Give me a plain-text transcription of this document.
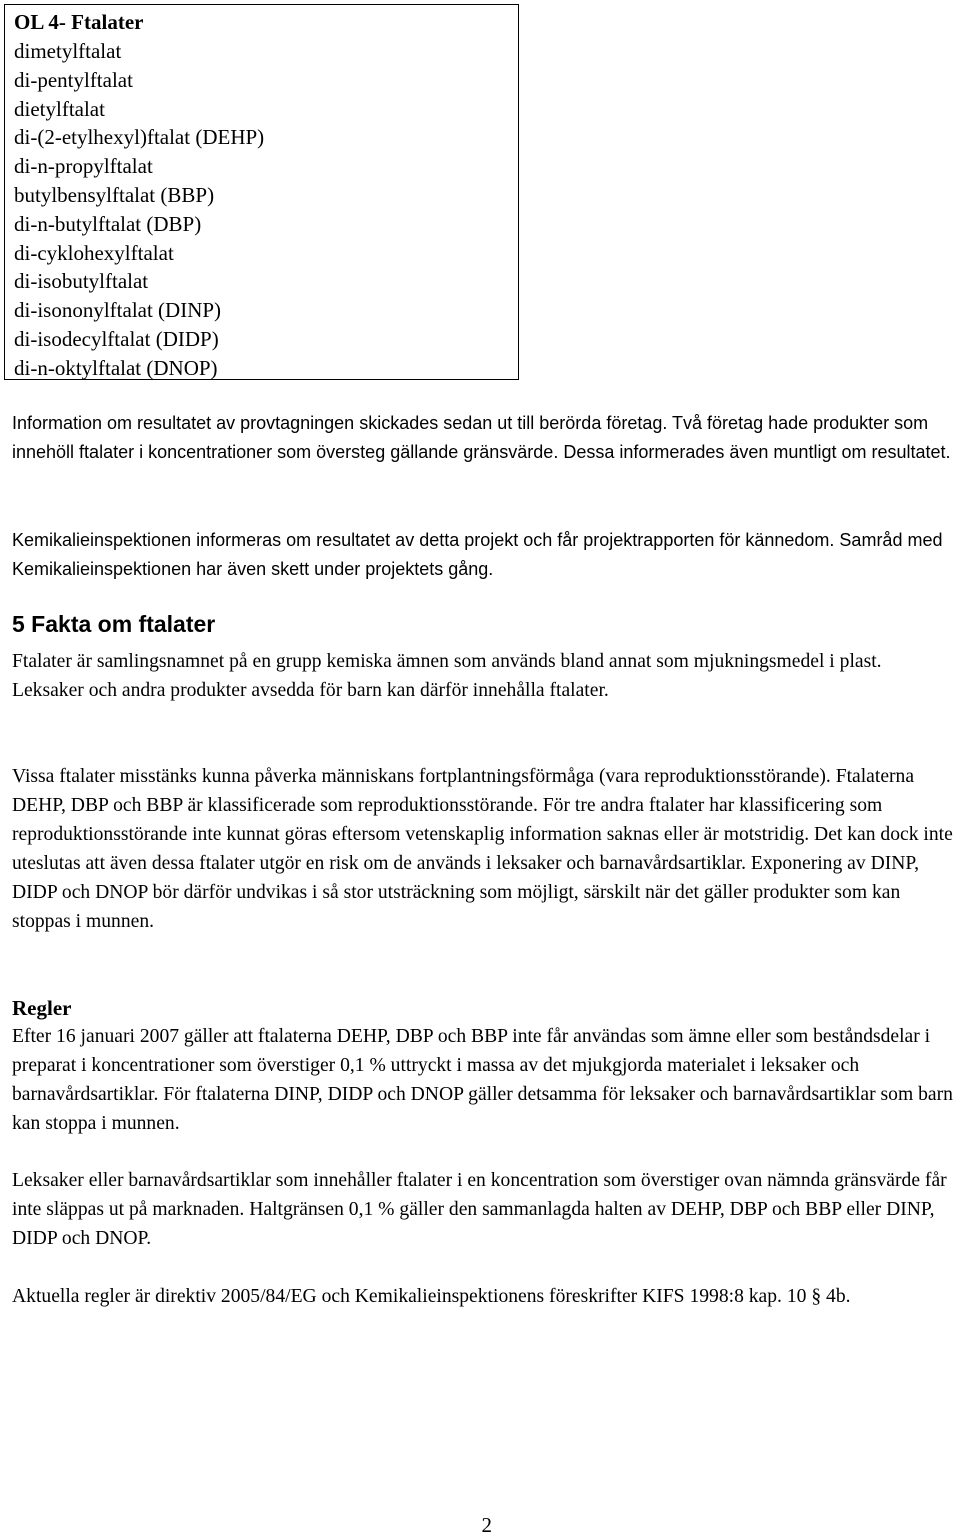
OL 4- Ftalater
dimetylftalat
di-pentylftalat
dietylftalat
di-(2-etylhexyl)ftalat (DEHP)
di-n-propylftalat
butylbensylftalat (BBP)
di-n-butylftalat (DBP)
di-cyklohexylftalat
di-isobutylftalat
di-isononylftalat (DINP)
di-isodecylftalat (DIDP)
di-n-oktylftalat (DNOP)

Information om resultatet av provtagningen skickades sedan ut till berörda företag. Två företag hade produkter som innehöll ftalater i koncentrationer som översteg gällande gränsvärde. Dessa informerades även muntligt om resultatet.

Kemikalieinspektionen informeras om resultatet av detta projekt och får projektrapporten för kännedom. Samråd med Kemikalieinspektionen har även skett under projektets gång.

5 Fakta om ftalater

Ftalater är samlingsnamnet på en grupp kemiska ämnen som används bland annat som mjukningsmedel i plast. Leksaker och andra produkter avsedda för barn kan därför innehålla ftalater.

Vissa ftalater misstänks kunna påverka människans fortplantningsförmåga (vara reproduktionsstörande). Ftalaterna DEHP, DBP och BBP är klassificerade som reproduktionsstörande. För tre andra ftalater har klassificering som reproduktionsstörande inte kunnat göras eftersom vetenskaplig information saknas eller är motstridig. Det kan dock inte uteslutas att även dessa ftalater utgör en risk om de används i leksaker och barnavårdsartiklar. Exponering av DINP, DIDP och DNOP bör därför undvikas i så stor utsträckning som möjligt, särskilt när det gäller produkter som kan stoppas i munnen.

Regler

Efter 16 januari 2007 gäller att ftalaterna DEHP, DBP och BBP inte får användas som ämne eller som beståndsdelar i preparat i koncentrationer som överstiger 0,1 % uttryckt i massa av det mjukgjorda materialet i leksaker och barnavårdsartiklar. För ftalaterna DINP, DIDP och DNOP gäller detsamma för leksaker och barnavårdsartiklar som barn kan stoppa i munnen.

Leksaker eller barnavårdsartiklar som innehåller ftalater i en koncentration som överstiger ovan nämnda gränsvärde får inte släppas ut på marknaden. Haltgränsen 0,1 % gäller den sammanlagda halten av DEHP, DBP och BBP eller DINP, DIDP och DNOP.

Aktuella regler är direktiv 2005/84/EG och Kemikalieinspektionens föreskrifter KIFS 1998:8 kap. 10 § 4b.

2
